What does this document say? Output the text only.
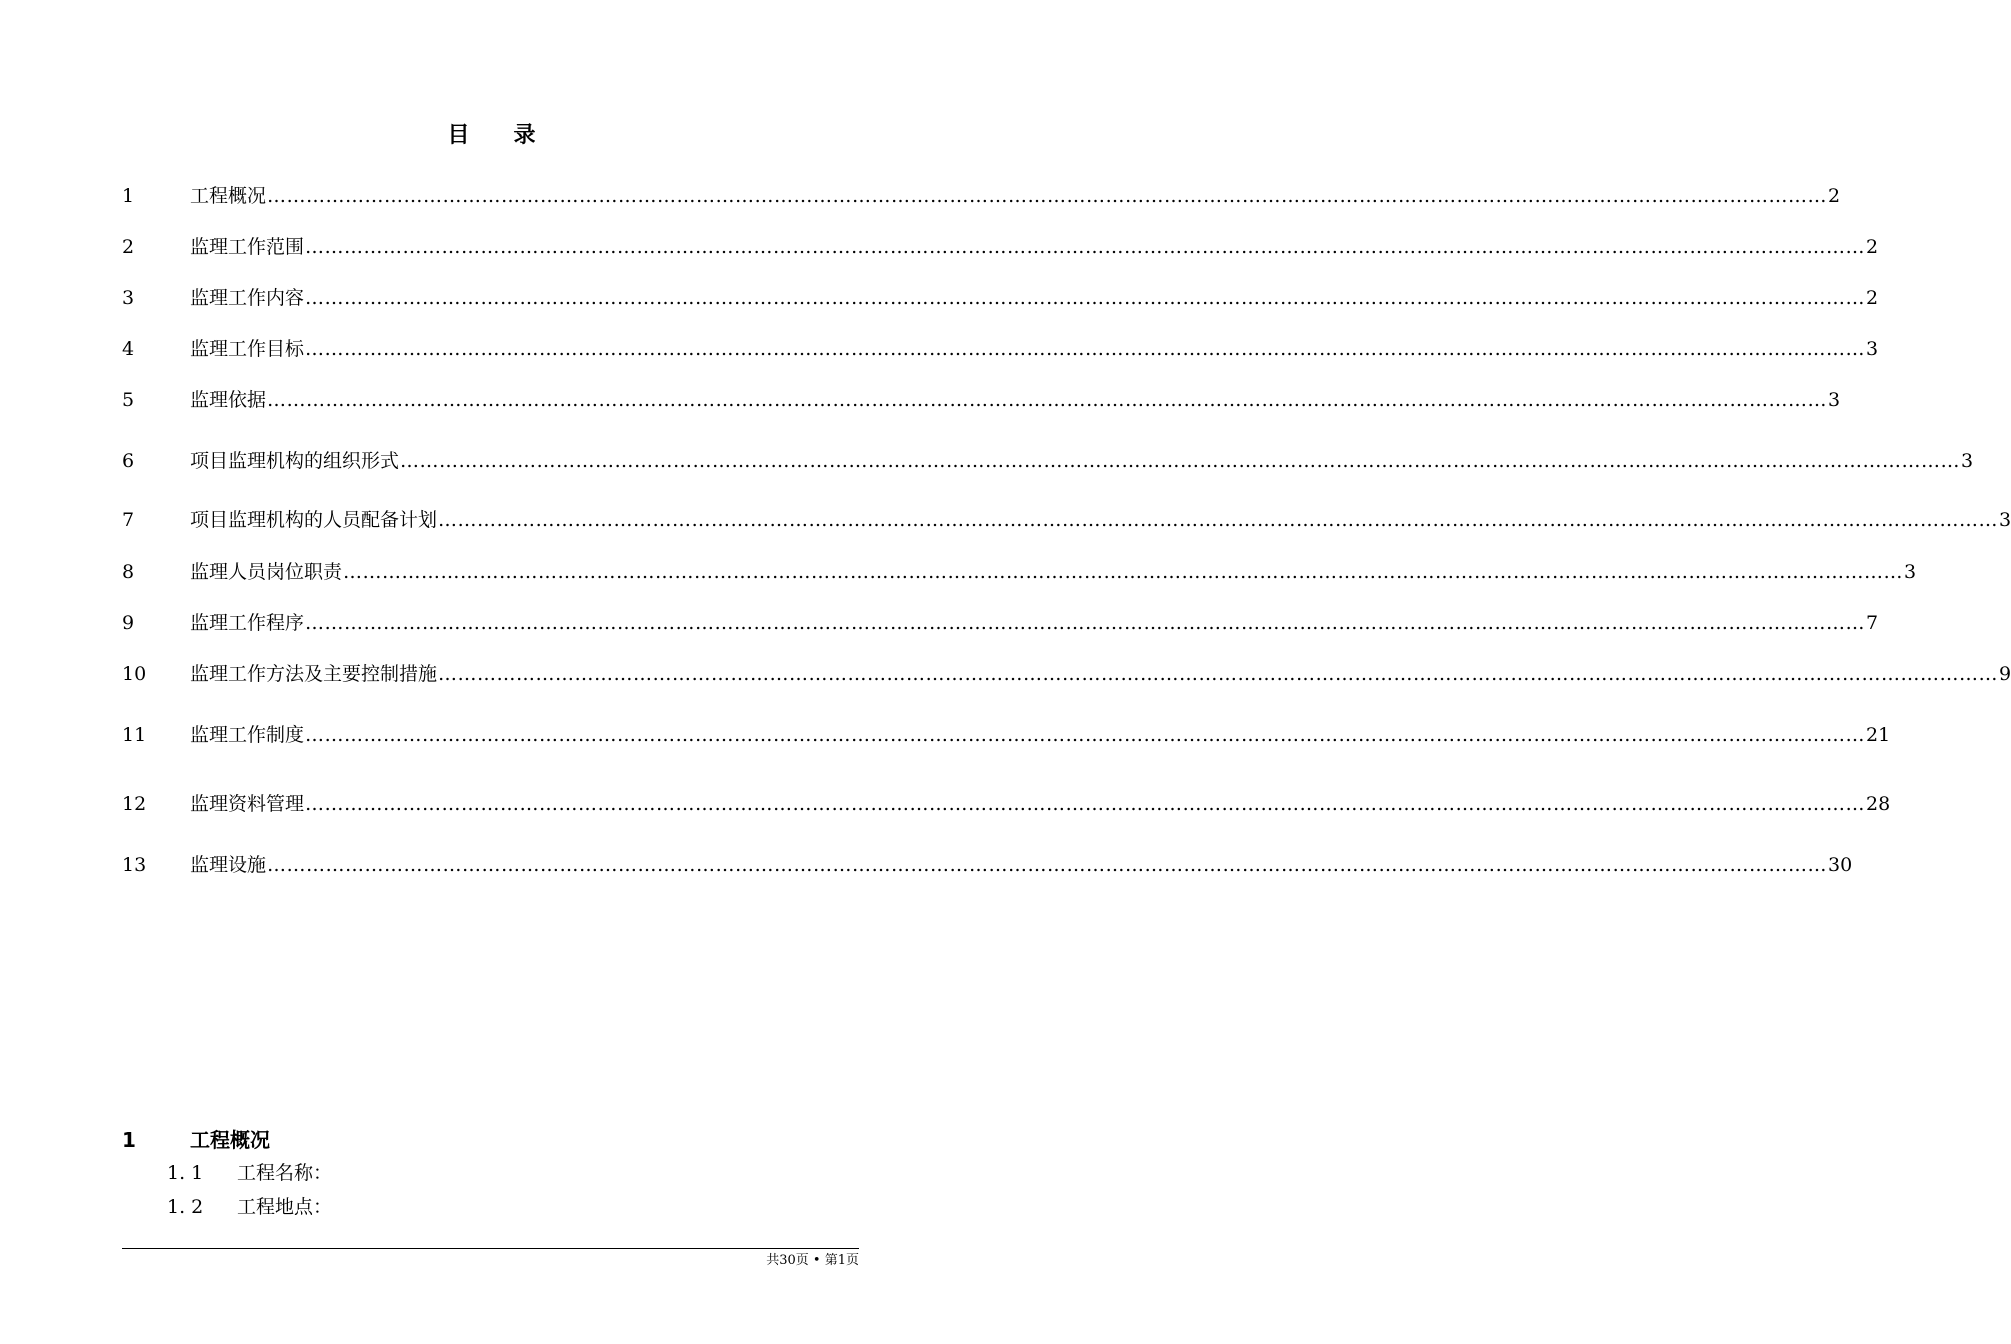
目 录
1	工程概况 …………………………………………………………………………………………………………………………………………………………………………………………………………………… 2
2	监理工作范围 …………………………………………………………………………………………………………………………………………………………………………………………………………………… 2
3	监理工作内容 …………………………………………………………………………………………………………………………………………………………………………………………………………………… 2
4	监理工作目标 …………………………………………………………………………………………………………………………………………………………………………………………………………………… 3
5	监理依据 …………………………………………………………………………………………………………………………………………………………………………………………………………………… 3
6	项目监理机构的组织形式 …………………………………………………………………………………………………………………………………………………………………………………………………………………… 3
7	项目监理机构的人员配备计划 …………………………………………………………………………………………………………………………………………………………………………………………………………………… 3
8	监理人员岗位职责 …………………………………………………………………………………………………………………………………………………………………………………………………………………… 3
9	监理工作程序 …………………………………………………………………………………………………………………………………………………………………………………………………………………… 7
10	监理工作方法及主要控制措施 …………………………………………………………………………………………………………………………………………………………………………………………………………………… 9
11	监理工作制度 …………………………………………………………………………………………………………………………………………………………………………………………………………………… 21
12	监理资料管理 …………………………………………………………………………………………………………………………………………………………………………………………………………………… 28
13	监理设施 …………………………………………………………………………………………………………………………………………………………………………………………………………………… 30
1	工程概况
1. 1	工程名称：
1. 2	工程地点：
共30页 • 第1页
